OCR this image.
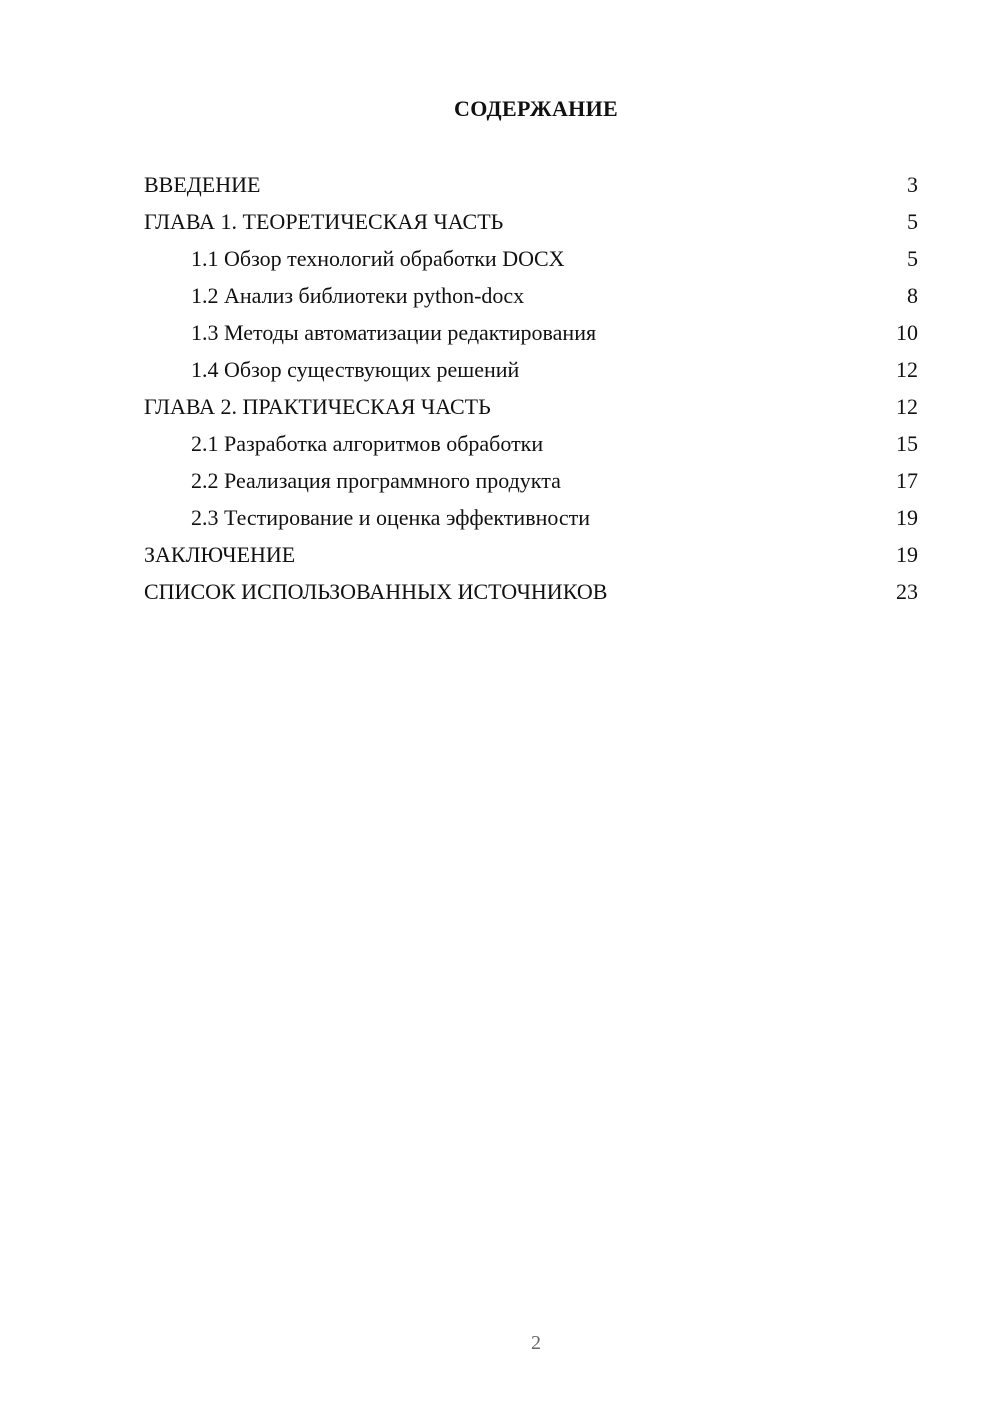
СОДЕРЖАНИЕ
ВВЕДЕНИЕ	3
ГЛАВА 1. ТЕОРЕТИЧЕСКАЯ ЧАСТЬ	5
1.1 Обзор технологий обработки DOCX	5
1.2 Анализ библиотеки python-docx	8
1.3 Методы автоматизации редактирования	10
1.4 Обзор существующих решений	12
ГЛАВА 2. ПРАКТИЧЕСКАЯ ЧАСТЬ	12
2.1 Разработка алгоритмов обработки	15
2.2 Реализация программного продукта	17
2.3 Тестирование и оценка эффективности	19
ЗАКЛЮЧЕНИЕ	19
СПИСОК ИСПОЛЬЗОВАННЫХ ИСТОЧНИКОВ	23
2
